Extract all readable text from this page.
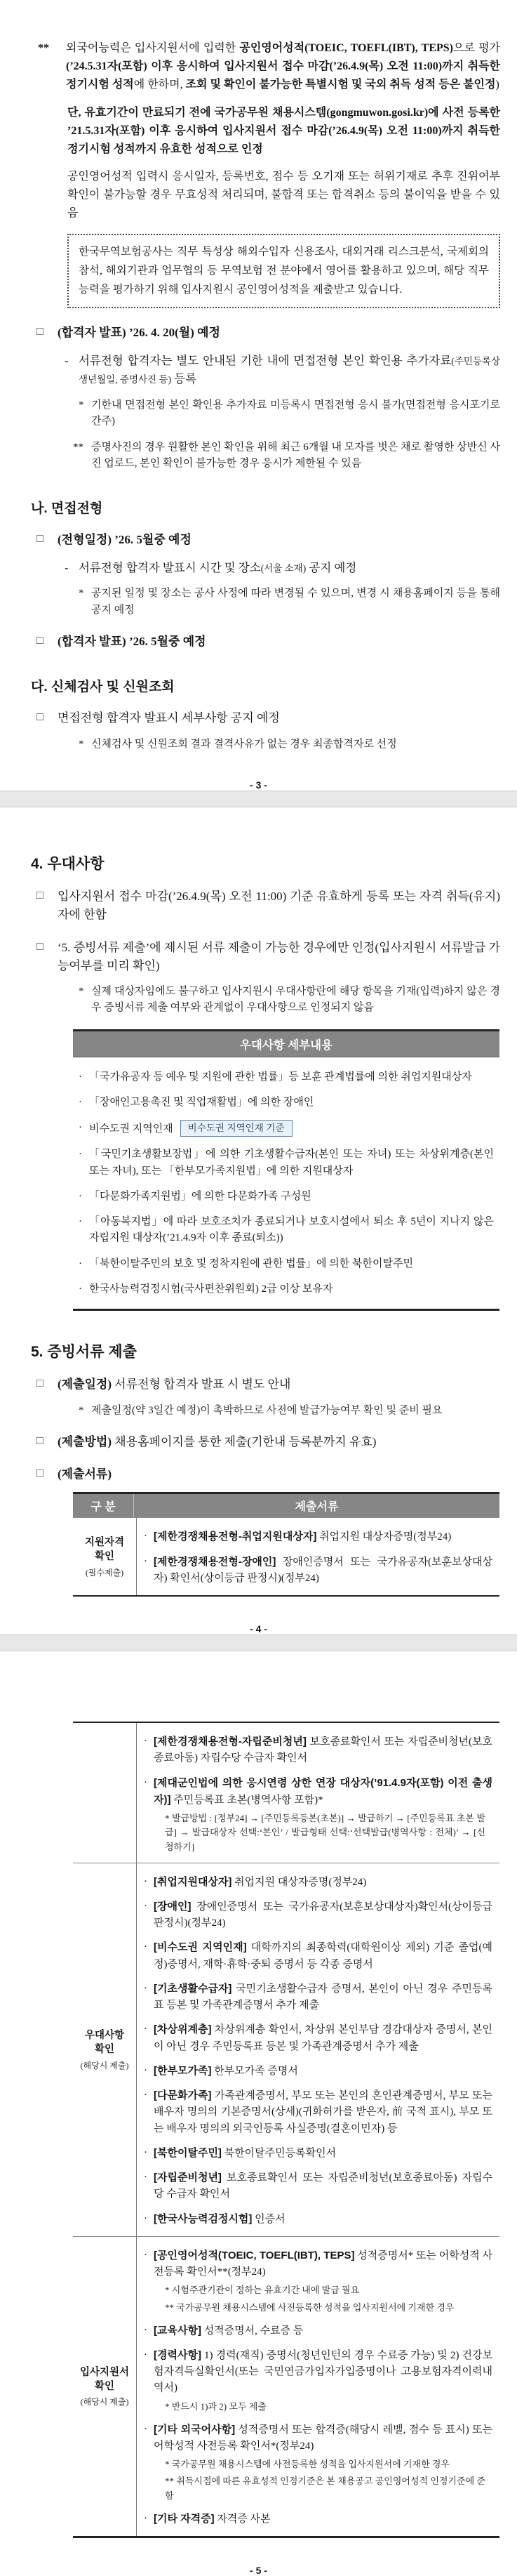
**	외국어능력은 입사지원서에 입력한 공인영어성적(TOEIC, TOEFL(IBT), TEPS)으로 평가(’24.5.31자(포함) 이후 응시하여 입사지원서 접수 마감(’26.4.9(목) 오전 11:00)까지 취득한 정기시험 성적에 한하며, 조회 및 확인이 불가능한 특별시험 및 국외 취득 성적 등은 불인정)
단, 유효기간이 만료되기 전에 국가공무원 채용시스템(gongmuwon.gosi.kr)에 사전 등록한 ’21.5.31자(포함) 이후 응시하여 입사지원서 접수 마감(’26.4.9(목) 오전 11:00)까지 취득한 정기시험 성적까지 유효한 성적으로 인정
공인영어성적 입력시 응시일자, 등록번호, 점수 등 오기재 또는 허위기재로 추후 진위여부 확인이 불가능할 경우 무효성적 처리되며, 불합격 또는 합격취소 등의 불이익을 받을 수 있음
한국무역보험공사는 직무 특성상 해외수입자 신용조사, 대외거래 리스크분석, 국제회의 참석, 해외기관과 업무협의 등 무역보험 전 분야에서 영어를 활용하고 있으며, 해당 직무능력을 평가하기 위해 입사지원시 공인영어성적을 제출받고 있습니다.
□	(합격자 발표) ’26. 4. 20(월) 예정
- 서류전형 합격자는 별도 안내된 기한 내에 면접전형 본인 확인용 추가자료(주민등록상 생년월일, 증명사진 등) 등록
* 기한내 면접전형 본인 확인용 추가자료 미등록시 면접전형 응시 불가(면접전형 응시포기로 간주)
** 증명사진의 경우 원활한 본인 확인을 위해 최근 6개월 내 모자를 벗은 채로 촬영한 상반신 사진 업로드, 본인 확인이 불가능한 경우 응시가 제한될 수 있음
나. 면접전형
□	(전형일정) ’26. 5월중 예정
- 서류전형 합격자 발표시 시간 및 장소(서울 소재) 공지 예정
* 공지된 일정 및 장소는 공사 사정에 따라 변경될 수 있으며, 변경 시 채용홈페이지 등을 통해 공지 예정
□	(합격자 발표) ’26. 5월중 예정
다. 신체검사 및 신원조회
□	면접전형 합격자 발표시 세부사항 공지 예정
* 신체검사 및 신원조회 결과 결격사유가 없는 경우 최종합격자로 선정
- 3 -
4. 우대사항
□	입사지원서 접수 마감(’26.4.9(목) 오전 11:00) 기준 유효하게 등록 또는 자격 취득(유지)자에 한함
□	‘5. 증빙서류 제출’에 제시된 서류 제출이 가능한 경우에만 인정(입사지원시 서류발급 가능여부를 미리 확인)
* 실제 대상자임에도 불구하고 입사지원시 우대사항란에 해당 항목을 기재(입력)하지 않은 경우 증빙서류 제출 여부와 관계없이 우대사항으로 인정되지 않음
우대사항 세부내용
· 「국가유공자 등 예우 및 지원에 관한 법률」등 보훈 관계법률에 의한 취업지원대상자
· 「장애인고용촉진 및 직업재활법」에 의한 장애인
· 비수도권 지역인재 비수도권 지역인재 기준
· 「국민기초생활보장법」에 의한 기초생활수급자(본인 또는 자녀) 또는 차상위계층(본인 또는 자녀), 또는 「한부모가족지원법」에 의한 지원대상자
· 「다문화가족지원법」에 의한 다문화가족 구성원
· 「아동복지법」에 따라 보호조치가 종료되거나 보호시설에서 퇴소 후 5년이 지나지 않은 자립지원 대상자(’21.4.9자 이후 종료(퇴소))
· 「북한이탈주민의 보호 및 정착지원에 관한 법률」에 의한 북한이탈주민
· 한국사능력검정시험(국사편찬위원회) 2급 이상 보유자
5. 증빙서류 제출
□	(제출일정) 서류전형 합격자 발표 시 별도 안내
* 제출일정(약 3일간 예정)이 촉박하므로 사전에 발급가능여부 확인 및 준비 필요
□	(제출방법) 채용홈페이지를 통한 제출(기한내 등록분까지 유효)
□	(제출서류)
구 분	제출서류
지원자격
확인
(필수제출)
· [제한경쟁채용전형-취업지원대상자] 취업지원 대상자증명(정부24)
· [제한경쟁채용전형-장애인] 장애인증명서 또는 국가유공자(보훈보상대상자) 확인서(상이등급 판정시)(정부24)
- 4 -
· [제한경쟁채용전형-자립준비청년] 보호종료확인서 또는 자립준비청년(보호종료아동) 자립수당 수급자 확인서
· [제대군인법에 의한 응시연령 상한 연장 대상자(’91.4.9자(포함) 이전 출생자)] 주민등록표 초본(병역사항 포함)*
* 발급방법 : [정부24] → [주민등록등본(초본)] → 발급하기 → [주민등록표 초본 발급] → 발급대상자 선택:‘본인’ / 발급형태 선택:‘선택발급(병역사항 : 전체)’ → [신청하기]
우대사항
확인
(해당시 제출)
· [취업지원대상자] 취업지원 대상자증명(정부24)
· [장애인] 장애인증명서 또는 국가유공자(보훈보상대상자)확인서(상이등급 판정시)(정부24)
· [비수도권 지역인재] 대학까지의 최종학력(대학원이상 제외) 기준 졸업(예정)증명서, 재학·휴학·중퇴 증명서 등 각종 증명서
· [기초생활수급자] 국민기초생활수급자 증명서, 본인이 아닌 경우 주민등록표 등본 및 가족관계증명서 추가 제출
· [차상위계층] 차상위계층 확인서, 차상위 본인부담 경감대상자 증명서, 본인이 아닌 경우 주민등록표 등본 및 가족관계증명서 추가 제출
· [한부모가족] 한부모가족 증명서
· [다문화가족] 가족관계증명서, 부모 또는 본인의 혼인관계증명서, 부모 또는 배우자 명의의 기본증명서(상세)(귀화허가를 받은자, 前 국적 표시), 부모 또는 배우자 명의의 외국인등록 사실증명(결혼이민자) 등
· [북한이탈주민] 북한이탈주민등록확인서
· [자립준비청년] 보호종료확인서 또는 자립준비청년(보호종료아동) 자립수당 수급자 확인서
· [한국사능력검정시험] 인증서
입사지원서
확인
(해당시 제출)
· [공인영어성적(TOEIC, TOEFL(IBT), TEPS] 성적증명서* 또는 어학성적 사전등록 확인서**(정부24)
* 시험주관기관이 정하는 유효기간 내에 발급 필요
** 국가공무원 채용시스템에 사전등록한 성적을 입사지원서에 기재한 경우
· [교육사항] 성적증명서, 수료증 등
· [경력사항] 1) 경력(재직) 증명서(청년인턴의 경우 수료증 가능) 및 2) 건강보험자격득실확인서(또는 국민연금가입자가입증명이나 고용보험자격이력내역서)
* 반드시 1)과 2) 모두 제출
· [기타 외국어사항] 성적증명서 또는 합격증(해당시 레벨, 점수 등 표시) 또는 어학성적 사전등록 확인서*(정부24)
* 국가공무원 채용시스템에 사전등록한 성적을 입사지원서에 기재한 경우
** 취득시점에 따른 유효성적 인정기준은 본 채용공고 공인영어성적 인정기준에 준함
· [기타 자격증] 자격증 사본
- 5 -
